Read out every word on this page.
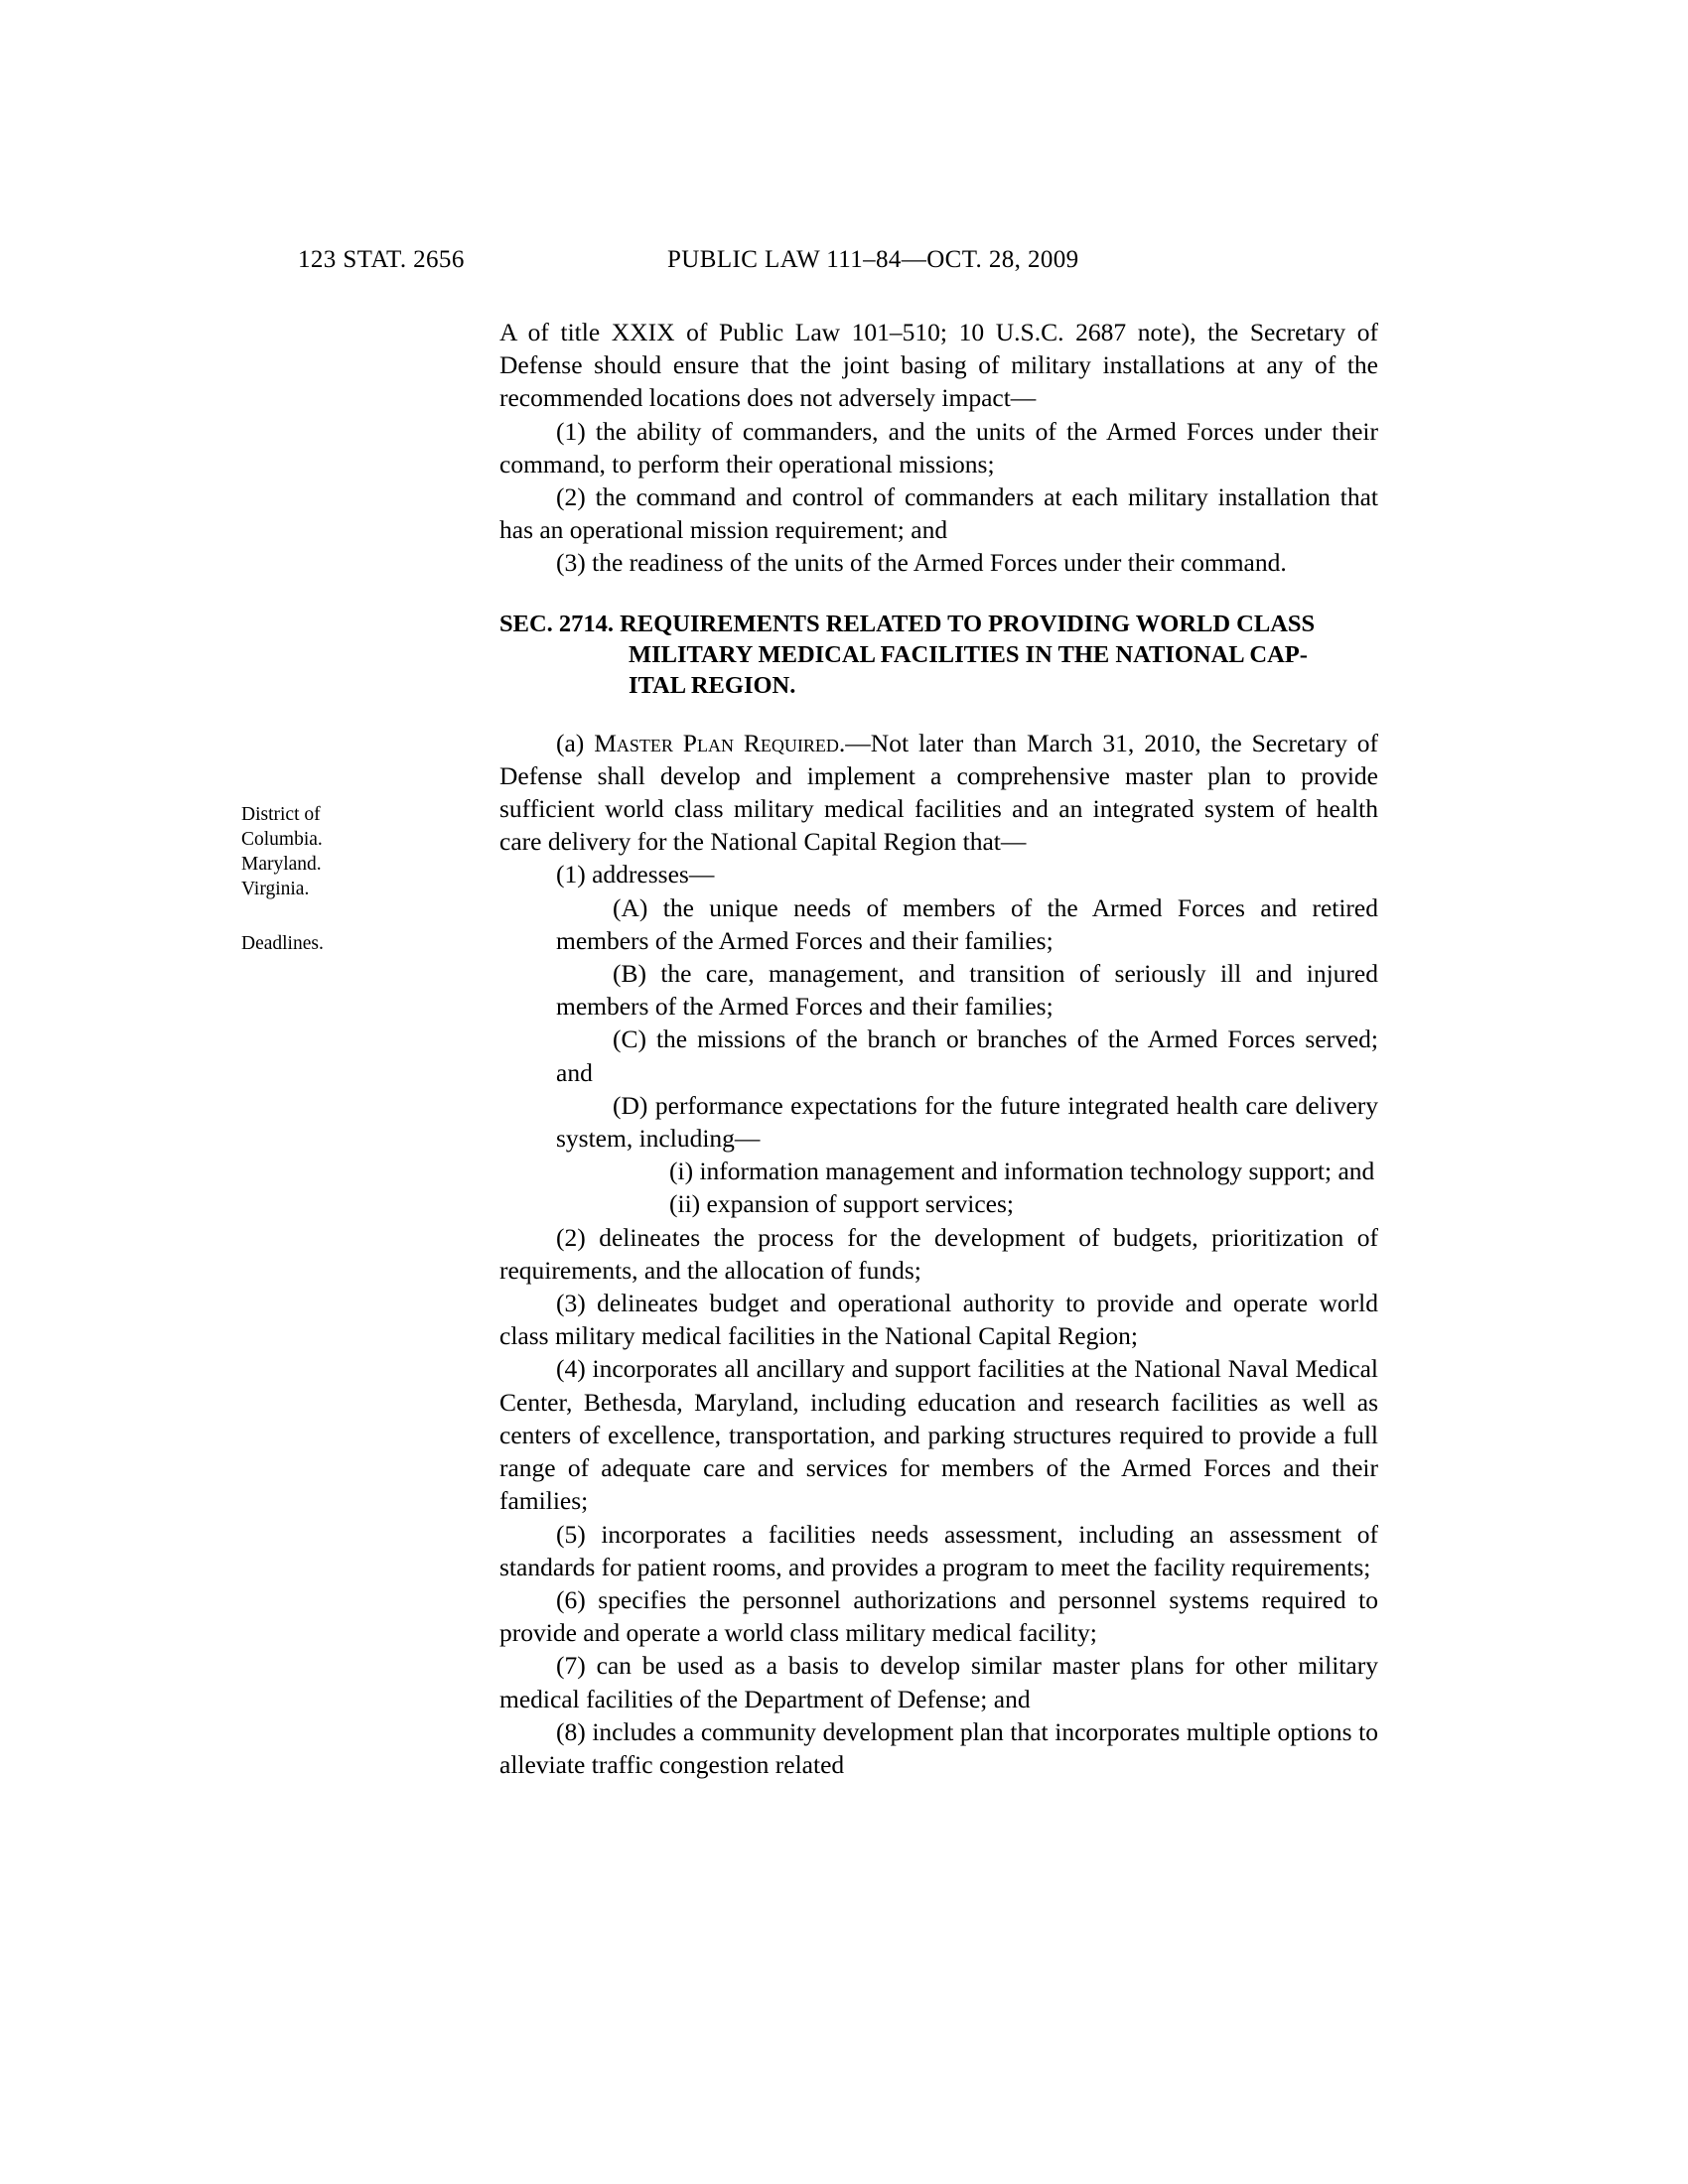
123 STAT. 2656	PUBLIC LAW 111–84—OCT. 28, 2009
District of
Columbia.
Maryland.
Virginia.
Deadlines.

A of title XXIX of Public Law 101–510; 10 U.S.C. 2687 note), the Secretary of Defense should ensure that the joint basing of military installations at any of the recommended locations does not adversely impact—

(1) the ability of commanders, and the units of the Armed Forces under their command, to perform their operational missions;

(2) the command and control of commanders at each military installation that has an operational mission requirement; and

(3) the readiness of the units of the Armed Forces under their command.

SEC. 2714. REQUIREMENTS RELATED TO PROVIDING WORLD CLASS
MILITARY MEDICAL FACILITIES IN THE NATIONAL CAP-
ITAL REGION.

(a) Master Plan Required.—Not later than March 31, 2010, the Secretary of Defense shall develop and implement a comprehensive master plan to provide sufficient world class military medical facilities and an integrated system of health care delivery for the National Capital Region that—

(1) addresses—

(A) the unique needs of members of the Armed Forces and retired members of the Armed Forces and their families;

(B) the care, management, and transition of seriously ill and injured members of the Armed Forces and their families;

(C) the missions of the branch or branches of the Armed Forces served; and

(D) performance expectations for the future integrated health care delivery system, including—

(i) information management and information technology support; and

(ii) expansion of support services;

(2) delineates the process for the development of budgets, prioritization of requirements, and the allocation of funds;

(3) delineates budget and operational authority to provide and operate world class military medical facilities in the National Capital Region;

(4) incorporates all ancillary and support facilities at the National Naval Medical Center, Bethesda, Maryland, including education and research facilities as well as centers of excellence, transportation, and parking structures required to provide a full range of adequate care and services for members of the Armed Forces and their families;

(5) incorporates a facilities needs assessment, including an assessment of standards for patient rooms, and provides a program to meet the facility requirements;

(6) specifies the personnel authorizations and personnel systems required to provide and operate a world class military medical facility;

(7) can be used as a basis to develop similar master plans for other military medical facilities of the Department of Defense; and

(8) includes a community development plan that incorporates multiple options to alleviate traffic congestion related
